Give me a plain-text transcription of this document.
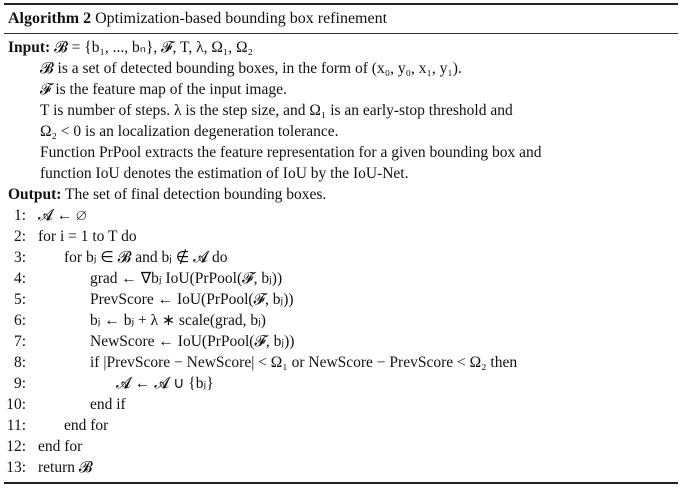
Algorithm 2 Optimization-based bounding box refinement
Input: 𝓑 = {b₁, ..., bₙ}, 𝓕, T, λ, Ω₁, Ω₂
𝓑 is a set of detected bounding boxes, in the form of (x₀, y₀, x₁, y₁).
𝓕 is the feature map of the input image.
T is number of steps. λ is the step size, and Ω₁ is an early-stop threshold and
Ω₂ < 0 is an localization degeneration tolerance.
Function PrPool extracts the feature representation for a given bounding box and
function IoU denotes the estimation of IoU by the IoU-Net.
Output: The set of final detection bounding boxes.
1: 𝓐 ← ∅
2: for i = 1 to T do
3: for bⱼ ∈ 𝓑 and bⱼ ∉ 𝓐 do
4:	grad ← ∇bⱼ IoU(PrPool(𝓕, bⱼ))
5:	PrevScore ← IoU(PrPool(𝓕, bⱼ))
6:	bⱼ ← bⱼ + λ ∗ scale(grad, bⱼ)
7:	NewScore ← IoU(PrPool(𝓕, bⱼ))
8:	if |PrevScore − NewScore| < Ω₁ or NewScore − PrevScore < Ω₂ then
9:	𝓐 ← 𝓐 ∪ {bⱼ}
10:	end if
11: end for
12: end for
13: return 𝓑
